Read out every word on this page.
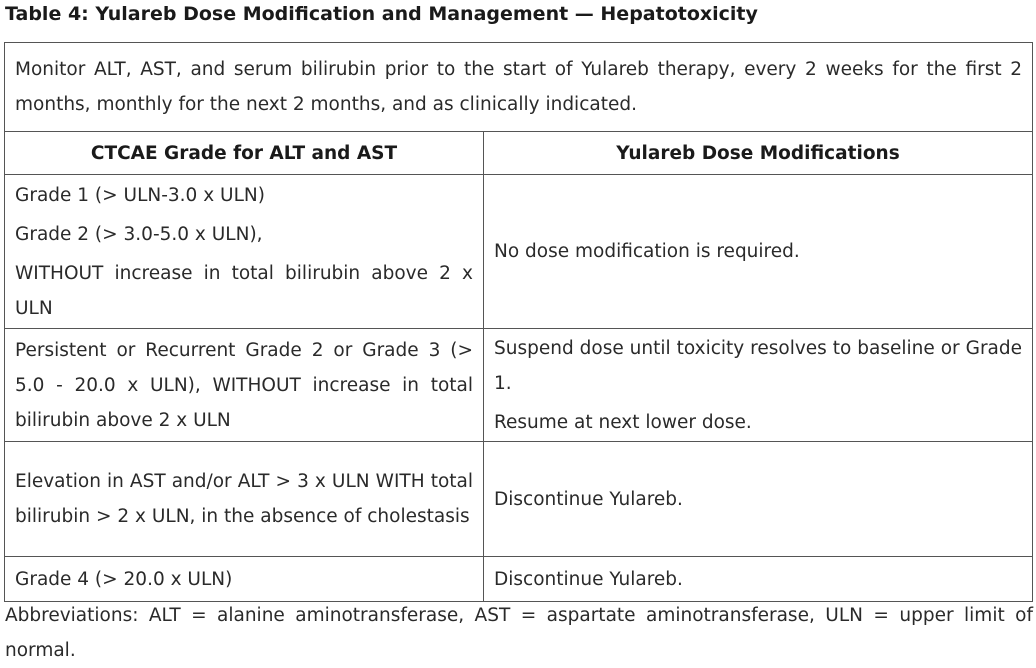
Table 4: Yulareb Dose Modification and Management — Hepatotoxicity
Monitor ALT, AST, and serum bilirubin prior to the start of Yulareb therapy, every 2 weeks for the first 2 months, monthly for the next 2 months, and as clinically indicated.	
CTCAE Grade for ALT and AST	Yulareb Dose Modifications

Grade 1 (> ULN-3.0 x ULN)
Grade 2 (> 3.0-5.0 x ULN),
WITHOUT increase in total bilirubin above 2 x ULN	No dose modification is required.

Persistent or Recurrent Grade 2 or Grade 3 (> 5.0 - 20.0 x ULN), WITHOUT increase in total bilirubin above 2 x ULN	Suspend dose until toxicity resolves to baseline or Grade 1.
Resume at next lower dose.

Elevation in AST and/or ALT > 3 x ULN WITH total bilirubin > 2 x ULN, in the absence of cholestasis	Discontinue Yulareb.

Grade 4 (> 20.0 x ULN)	Discontinue Yulareb.
Abbreviations: ALT = alanine aminotransferase, AST = aspartate aminotransferase, ULN = upper limit of normal.
